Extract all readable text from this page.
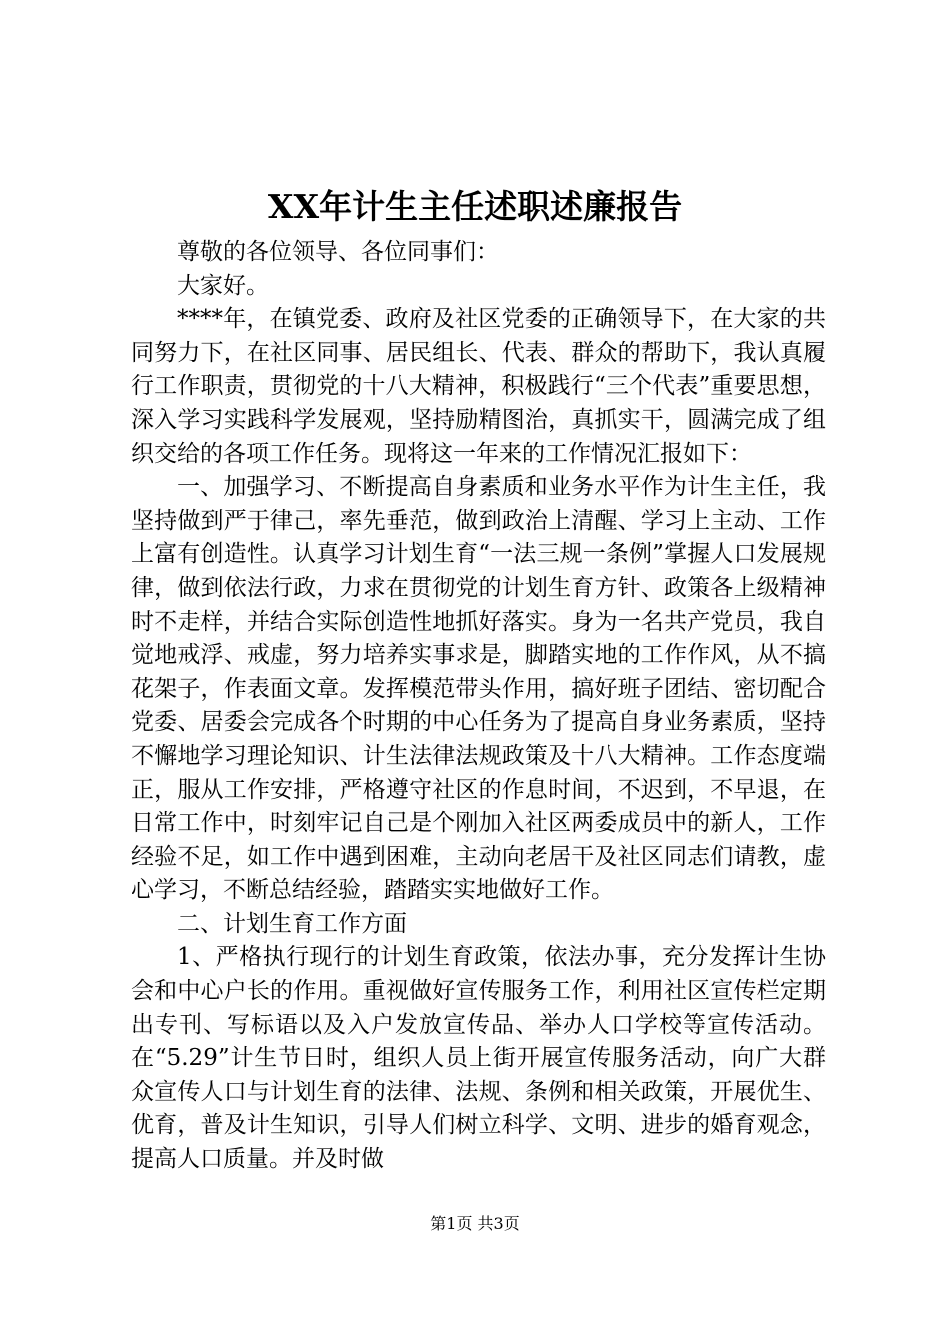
XX年计生主任述职述廉报告

尊敬的各位领导、各位同事们：

大家好。

****年，在镇党委、政府及社区党委的正确领导下，在大家的共同努力下，在社区同事、居民组长、代表、群众的帮助下，我认真履行工作职责，贯彻党的十八大精神，积极践行“三个代表”重要思想，深入学习实践科学发展观，坚持励精图治，真抓实干，圆满完成了组织交给的各项工作任务。现将这一年来的工作情况汇报如下：

一、加强学习、不断提高自身素质和业务水平作为计生主任，我坚持做到严于律己，率先垂范，做到政治上清醒、学习上主动、工作上富有创造性。认真学习计划生育“一法三规一条例”掌握人口发展规律，做到依法行政，力求在贯彻党的计划生育方针、政策各上级精神时不走样，并结合实际创造性地抓好落实。身为一名共产党员，我自觉地戒浮、戒虚，努力培养实事求是，脚踏实地的工作作风，从不搞花架子，作表面文章。发挥模范带头作用，搞好班子团结、密切配合党委、居委会完成各个时期的中心任务为了提高自身业务素质，坚持不懈地学习理论知识、计生法律法规政策及十八大精神。工作态度端正，服从工作安排，严格遵守社区的作息时间，不迟到，不早退，在日常工作中，时刻牢记自己是个刚加入社区两委成员中的新人，工作经验不足，如工作中遇到困难，主动向老居干及社区同志们请教，虚心学习，不断总结经验，踏踏实实地做好工作。

二、计划生育工作方面

1、严格执行现行的计划生育政策，依法办事，充分发挥计生协会和中心户长的作用。重视做好宣传服务工作，利用社区宣传栏定期出专刊、写标语以及入户发放宣传品、举办人口学校等宣传活动。在“5.29”计生节日时，组织人员上街开展宣传服务活动，向广大群众宣传人口与计划生育的法律、法规、条例和相关政策，开展优生、优育，普及计生知识，引导人们树立科学、文明、进步的婚育观念，提高人口质量。并及时做

第1页 共3页
